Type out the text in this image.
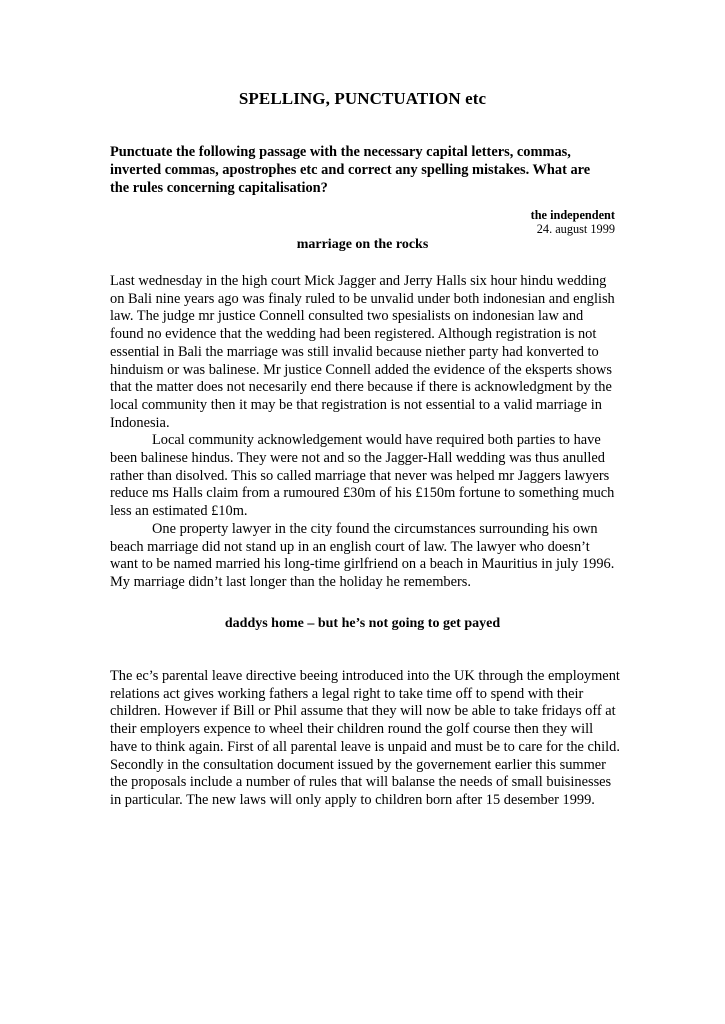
SPELLING, PUNCTUATION etc
Punctuate the following passage with the necessary capital letters, commas, inverted commas, apostrophes etc and correct any spelling mistakes. What are the rules concerning capitalisation?
the independent
24. august 1999
marriage on the rocks

Last wednesday in the high court Mick Jagger and Jerry Halls six hour hindu wedding on Bali nine years ago was finaly ruled to be unvalid under both indonesian and english law. The judge mr justice Connell consulted two spesialists on indonesian law and found no evidence that the wedding had been registered. Although registration is not essential in Bali the marriage was still invalid because niether party had konverted to hinduism or was balinese. Mr justice Connell added the evidence of the eksperts shows that the matter does not necesarily end there because if there is acknowledgment by the local community then it may be that registration is not essential to a valid marriage in Indonesia.

Local community acknowledgement would have required both parties to have been balinese hindus. They were not and so the Jagger-Hall wedding was thus anulled rather than disolved. This so called marriage that never was helped mr Jaggers lawyers reduce ms Halls claim from a rumoured £30m of his £150m fortune to something much less an estimated £10m.

One property lawyer in the city found the circumstances surrounding his own beach marriage did not stand up in an english court of law. The lawyer who doesn’t want to be named married his long-time girlfriend on a beach in Mauritius in july 1996. My marriage didn’t last longer than the holiday he remembers.

daddys home – but he’s not going to get payed

The ec’s parental leave directive beeing introduced into the UK through the employment relations act gives working fathers a legal right to take time off to spend with their children. However if Bill or Phil assume that they will now be able to take fridays off at their employers expence to wheel their children round the golf course then they will have to think again. First of all parental leave is unpaid and must be to care for the child. Secondly in the consultation document issued by the governement earlier this summer the proposals include a number of rules that will balanse the needs of small buisinesses in particular. The new laws will only apply to children born after 15 desember 1999.
